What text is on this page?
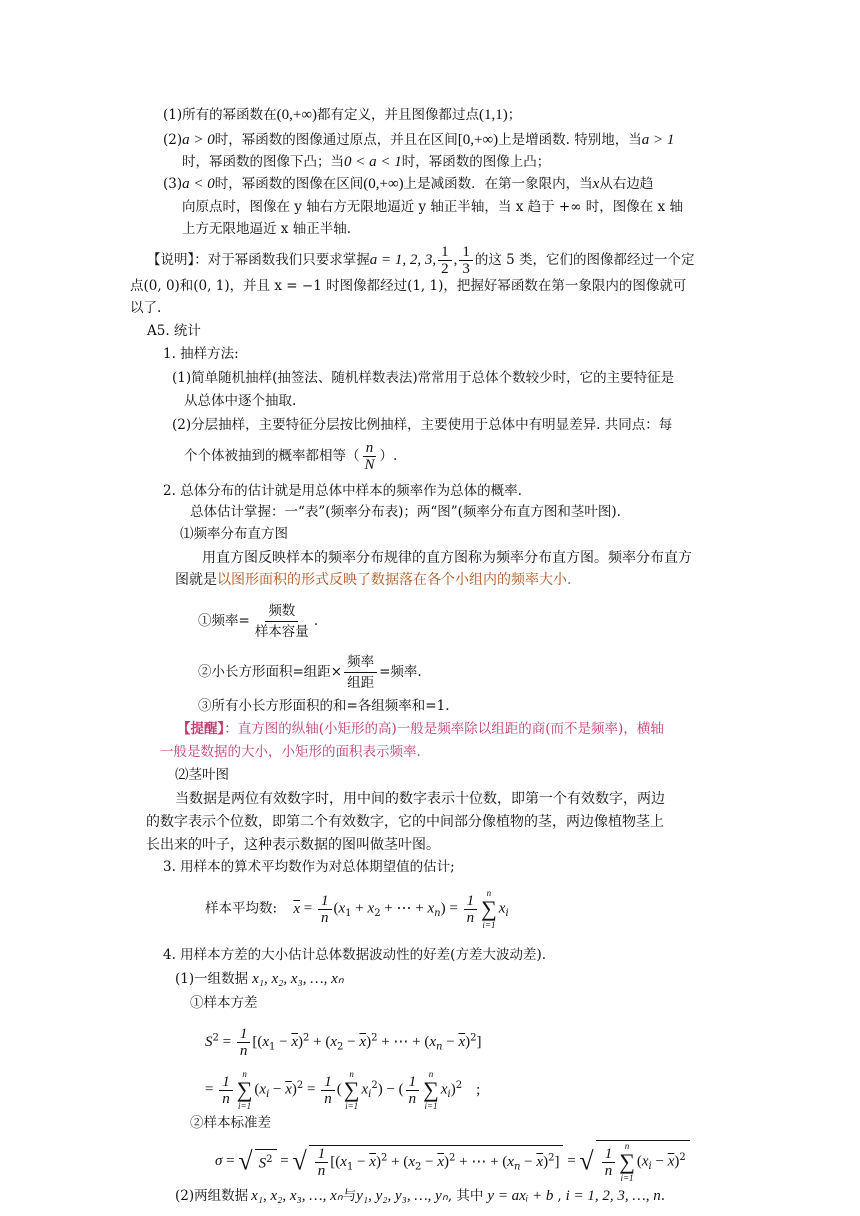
(1)所有的幂函数在(0,+∞)都有定义，并且图像都过点(1,1)；
(2)a > 0时，幂函数的图像通过原点，并且在区间[0,+∞)上是增函数. 特别地，当a > 1
时，幂函数的图像下凸；当0 < a < 1时，幂函数的图像上凸；
(3)a < 0时，幂函数的图像在区间(0,+∞)上是减函数．在第一象限内，当x从右边趋
向原点时，图像在 y 轴右方无限地逼近 y 轴正半轴，当 x 趋于 +∞ 时，图像在 x 轴
上方无限地逼近 x 轴正半轴.
【说明】：对于幂函数我们只要求掌握a = 1, 2, 3, $\frac{1}{2}$ , $\frac{1}{3}$ 的这 5 类，它们的图像都经过一个定
点(0, 0)和(0, 1)，并且 x = −1 时图像都经过(1, 1)，把握好幂函数在第一象限内的图像就可
以了.
A5. 统计
1. 抽样方法:
(1)简单随机抽样(抽签法、随机样数表法)常常用于总体个数较少时，它的主要特征是
从总体中逐个抽取.
(2)分层抽样，主要特征分层按比例抽样，主要使用于总体中有明显差异. 共同点：每
个个体被抽到的概率都相等（ $\frac{n}{N}$ ）.
2. 总体分布的估计就是用总体中样本的频率作为总体的概率.
总体估计掌握：一“表”(频率分布表)；两“图”(频率分布直方图和茎叶图).
⑴频率分布直方图
用直方图反映样本的频率分布规律的直方图称为频率分布直方图。频率分布直方
图就是以图形面积的形式反映了数据落在各个小组内的频率大小.
①频率= $\frac{\text{频数}}{\text{样本容量}}$ .
②小长方形面积=组距× $\frac{\text{频率}}{\text{组距}}$ =频率.
③所有小长方形面积的和=各组频率和=1.
【提醒】：直方图的纵轴(小矩形的高)一般是频率除以组距的商(而不是频率)，横轴
一般是数据的大小，小矩形的面积表示频率.
⑵茎叶图
当数据是两位有效数字时，用中间的数字表示十位数，即第一个有效数字，两边
的数字表示个位数，即第二个有效数字，它的中间部分像植物的茎，两边像植物茎上
长出来的叶子，这种表示数据的图叫做茎叶图。
3. 用样本的算术平均数作为对总体期望值的估计;
样本平均数: $\overline{x} = \frac{1}{n} (x_1 + x_2$ + ⋯ + $x_n) = \frac{1}{n}$ n
∑
i=1
$x_i$
4. 用样本方差的大小估计总体数据波动性的好差(方差大波动差).
(1)一组数据 x₁, x₂, x₃, …, xₙ
①样本方差
$S^2 = \frac{1}{n} [(x_1 - \overline{x})^2 + (x_2 - \overline{x})^2$ + ⋯ + $(x_n - \overline{x})^2$]
= $\frac{1}{n}$ n
∑
i=1
$(x_i - \overline{x})^2 = \frac{1}{n}$ (
n
∑
i=1
$x_i^2$) − ( $\frac{1}{n}$ n
∑
i=1
$x_i)^2$ ;
②样本标准差
σ = √ $S^2$ = √ $\frac{1}{n} [(x_1 - \overline{x})^2 + (x_2 - \overline{x})^2$ + ⋯ + $(x_n - \overline{x})^2$] = √ $\frac{1}{n}$ n
∑
i=1
$(x_i - \overline{x})^2$
(2)两组数据 x₁, x₂, x₃, …, xₙ与y₁, y₂, y₃, …, yₙ, 其中 y = axᵢ + b , i = 1, 2, 3, …, n.
